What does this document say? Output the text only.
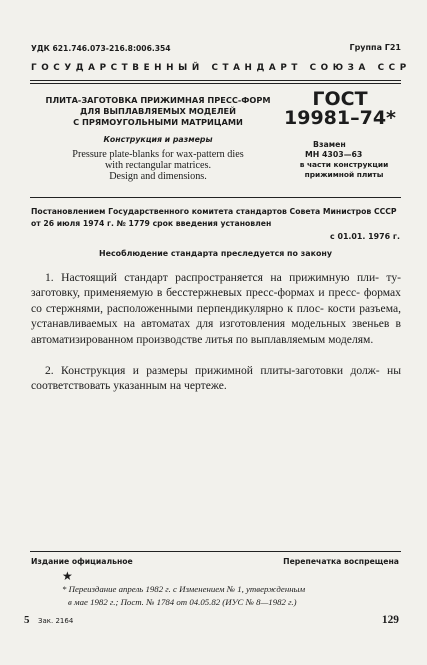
УДК 621.746.073-216.8:006.354	Группа Г21
ГОСУДАРСТВЕННЫЙ СТАНДАРТ СОЮЗА ССР
ПЛИТА-ЗАГОТОВКА ПРИЖИМНАЯ ПРЕСС-ФОРМ
ДЛЯ ВЫПЛАВЛЯЕМЫХ МОДЕЛЕЙ
С ПРЯМОУГОЛЬНЫМИ МАТРИЦАМИ
Конструкция и размеры
Pressure plate-blanks for wax-pattern dies
with rectangular matrices.
Design and dimensions.
ГОСТ
19981–74*
Взамен
МН 4303—63
в части конструкции
прижимной плиты
Постановлением Государственного комитета стандартов Совета Министров СССР
от 26 июля 1974 г. № 1779 срок введения установлен
с 01.01. 1976 г.
Несоблюдение стандарта преследуется по закону
1. Настоящий стандарт распространяется на прижимную пли- ту-заготовку, применяемую в бесстержневых пресс-формах и пресс- формах со стержнями, расположенными перпендикулярно к плос- кости разъема, устанавливаемых на автоматах для изготовления модельных звеньев в автоматизированном производстве литья по выплавляемым моделям.
2. Конструкция и размеры прижимной плиты-заготовки долж- ны соответствовать указанным на чертеже.
Издание официальное	Перепечатка воспрещена
★
* Переиздание апрель 1982 г. с Изменением № 1, утвержденным
в мае 1982 г.; Пост. № 1784 от 04.05.82 (ИУС № 8—1982 г.)
5 Зак. 2164	129
